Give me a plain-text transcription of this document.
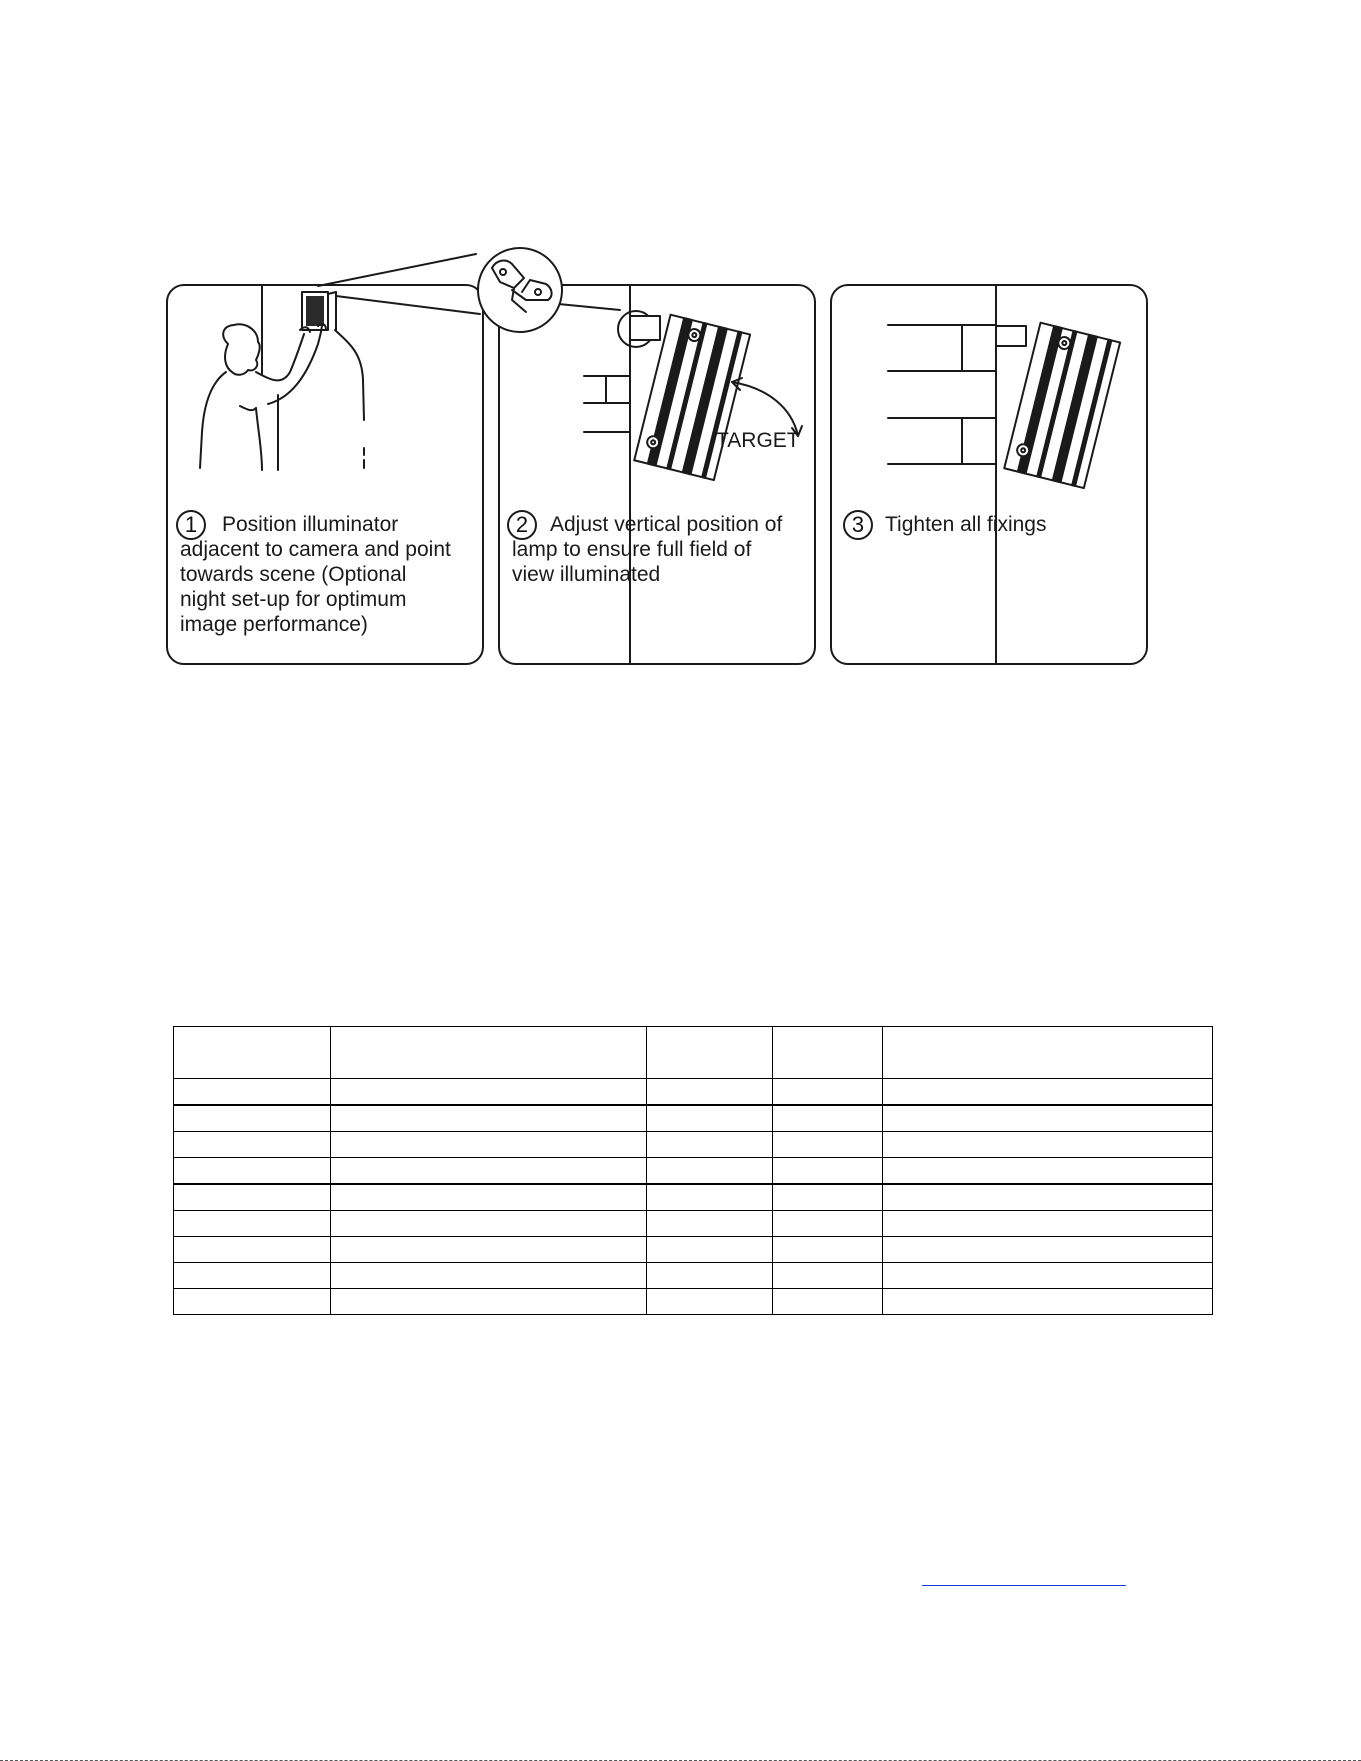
TARGET
1	2	3
Position illuminator
adjacent to camera and point
towards scene (Optional
night set-up for optimum
image performance)
Adjust vertical position of
lamp to ensure full field of
view illuminated
Tighten all fixings
